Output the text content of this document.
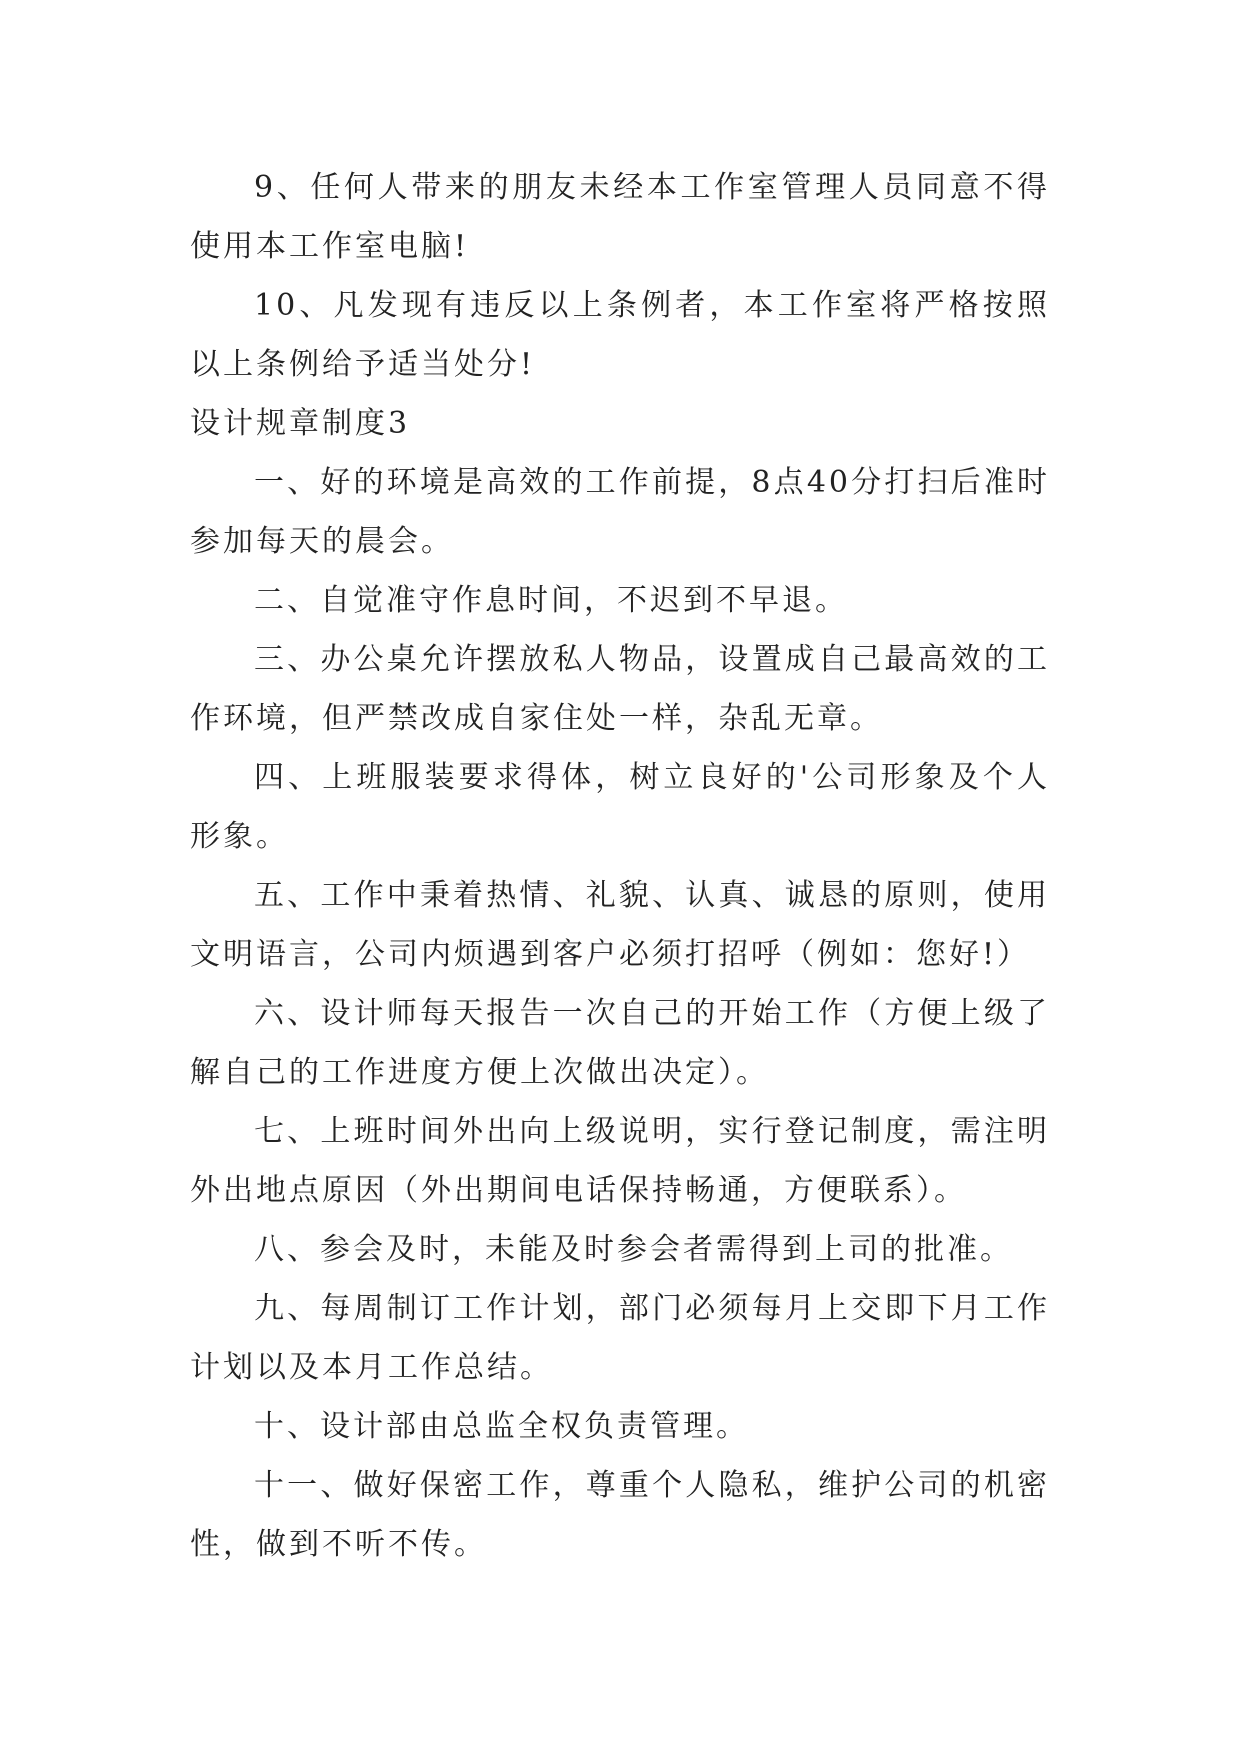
9、任何人带来的朋友未经本工作室管理人员同意不得使用本工作室电脑!

10、凡发现有违反以上条例者，本工作室将严格按照以上条例给予适当处分!

设计规章制度3

一、好的环境是高效的工作前提，8点40分打扫后准时参加每天的晨会。

二、自觉准守作息时间，不迟到不早退。

三、办公桌允许摆放私人物品，设置成自己最高效的工作环境，但严禁改成自家住处一样，杂乱无章。

四、上班服装要求得体，树立良好的'公司形象及个人形象。

五、工作中秉着热情、礼貌、认真、诚恳的原则，使用文明语言，公司内烦遇到客户必须打招呼（例如：您好!）

六、设计师每天报告一次自己的开始工作（方便上级了解自己的工作进度方便上次做出决定）。

七、上班时间外出向上级说明，实行登记制度，需注明外出地点原因（外出期间电话保持畅通，方便联系）。

八、参会及时，未能及时参会者需得到上司的批准。

九、每周制订工作计划，部门必须每月上交即下月工作计划以及本月工作总结。

十、设计部由总监全权负责管理。

十一、做好保密工作，尊重个人隐私，维护公司的机密性，做到不听不传。
